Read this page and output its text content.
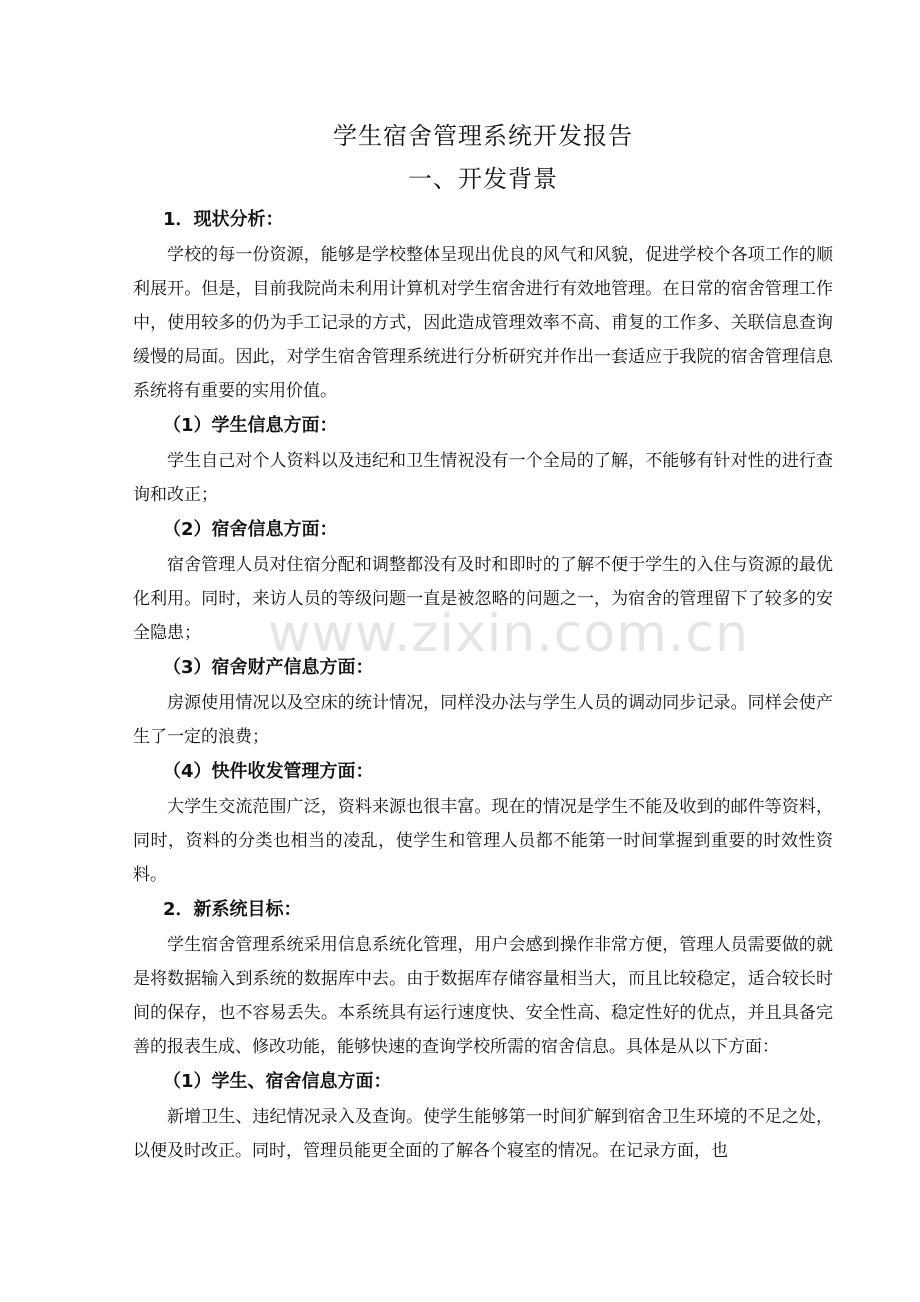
学生宿舍管理系统开发报告
一、开发背景
1．现状分析：

学校的每一份资源，能够是学校整体呈现出优良的风气和风貌，促进学校个各项工作的顺利展开。但是，目前我院尚未利用计算机对学生宿舍进行有效地管理。在日常的宿舍管理工作中，使用较多的仍为手工记录的方式，因此造成管理效率不高、甫复的工作多、关联信息查询缓慢的局面。因此，对学生宿舍管理系统进行分析研究并作出一套适应于我院的宿舍管理信息系统将有重要的实用价值。

（1）学生信息方面：

学生自己对个人资料以及违纪和卫生情祝没有一个全局的了解，不能够有针对性的进行查询和改正；

（2）宿舍信息方面：

宿舍管理人员对住宿分配和调整都没有及时和即时的了解不便于学生的入住与资源的最优化利用。同时，来访人员的等级问题一直是被忽略的问题之一，为宿舍的管理留下了较多的安全隐患；

（3）宿舍财产信息方面：

房源使用情况以及空床的统计情况，同样没办法与学生人员的调动同步记录。同样会使产生了一定的浪费；

（4）快件收发管理方面：

大学生交流范围广泛，资料来源也很丰富。现在的情况是学生不能及收到的邮件等资料，同时，资料的分类也相当的凌乱，使学生和管理人员都不能第一时间掌握到重要的时效性资料。

2．新系统目标：

学生宿舍管理系统采用信息系统化管理，用户会感到操作非常方便，管理人员需要做的就是将数据输入到系统的数据库中去。由于数据库存储容量相当大，而且比较稳定，适合较长时间的保存，也不容易丢失。本系统具有运行速度快、安全性高、稳定性好的优点，并且具备完善的报表生成、修改功能，能够快速的查询学校所需的宿舍信息。具体是从以下方面：

（1）学生、宿舍信息方面：

新增卫生、违纪情况录入及查询。使学生能够第一时间犷解到宿舍卫生环境的不足之处，以便及时改正。同时，管理员能更全面的了解各个寝室的情况。在记录方面，也

www.zixin.com.cn
